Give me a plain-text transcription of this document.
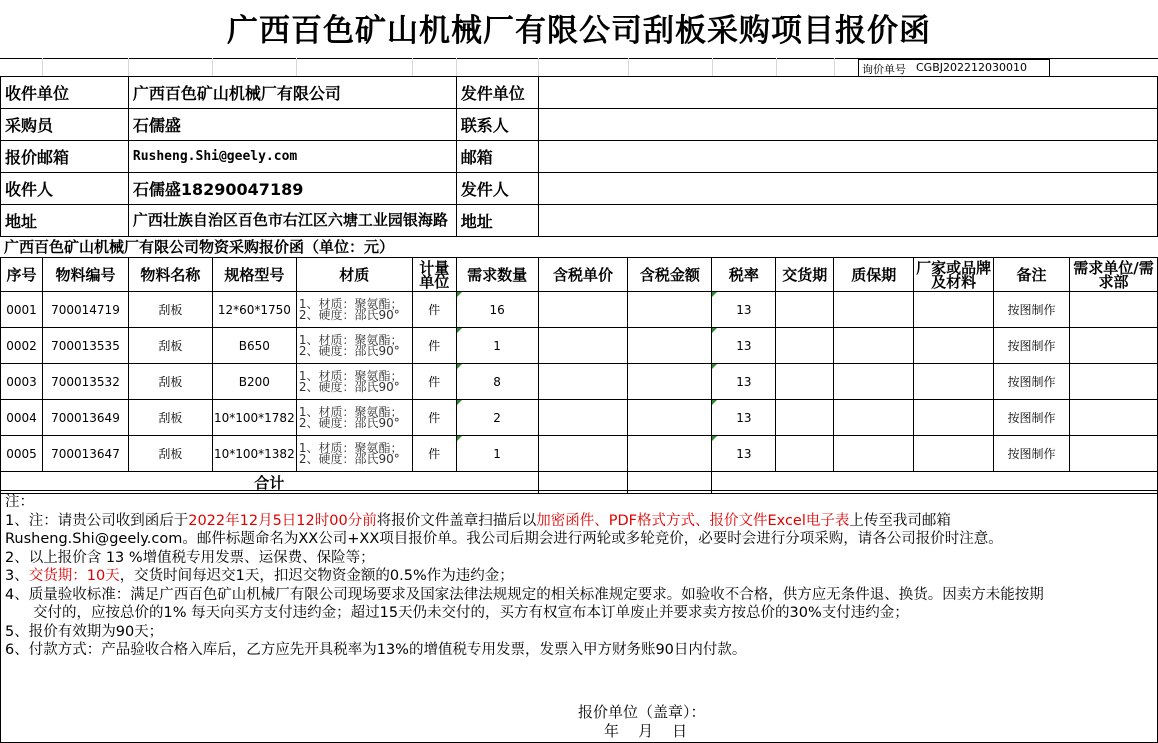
广西百色矿山机械厂有限公司刮板采购项目报价函
询价单号 CGBJ202212030010
收件单位	广西百色矿山机械厂有限公司	发件单位	
采购员	石儒盛	联系人	
报价邮箱	Rusheng.Shi@geely.com	邮箱	
收件人	石儒盛18290047189	发件人	
地址	广西壮族自治区百色市右江区六塘工业园银海路	地址	
广西百色矿山机械厂有限公司物资采购报价函（单位：元）
序号	物料编号	物料名称	规格型号	材质	计量单位	需求数量	含税单价	含税金额	税率	交货期	质保期	厂家或品牌及材料	备注	需求单位/需求部
0001	700014719	刮板	12*60*1750	1、材质：聚氨酯；2、硬度：邵氏90°	件	16			13				按图制作	
0002	700013535	刮板	B650	1、材质：聚氨酯；2、硬度：邵氏90°	件	1			13				按图制作	
0003	700013532	刮板	B200	1、材质：聚氨酯；2、硬度：邵氏90°	件	8			13				按图制作	
0004	700013649	刮板	10*100*1782	1、材质：聚氨酯；2、硬度：邵氏90°	件	2			13				按图制作	
0005	700013647	刮板	10*100*1382	1、材质：聚氨酯；2、硬度：邵氏90°	件	1			13				按图制作	
合计														
注：
1、注：请贵公司收到函后于2022年12月5日12时00分前将报价文件盖章扫描后以加密函件、PDF格式方式、报价文件Excel电子表上传至我司邮箱
Rusheng.Shi@geely.com。邮件标题命名为XX公司+XX项目报价单。我公司后期会进行两轮或多轮竞价，必要时会进行分项采购，请各公司报价时注意。
2、以上报价含 13 %增值税专用发票、运保费、保险等；
3、交货期：10天，交货时间每迟交1天，扣迟交物资金额的0.5%作为违约金；
4、质量验收标准：满足广西百色矿山机械厂有限公司现场要求及国家法律法规规定的相关标准规定要求。如验收不合格，供方应无条件退、换货。因卖方未能按期
交付的，应按总价的1% 每天向买方支付违约金；超过15天仍未交付的，买方有权宣布本订单废止并要求卖方按总价的30%支付违约金；
5、报价有效期为90天；
6、付款方式：产品验收合格入库后，乙方应先开具税率为13%的增值税专用发票，发票入甲方财务账90日内付款。
报价单位（盖章）：
年    月    日
